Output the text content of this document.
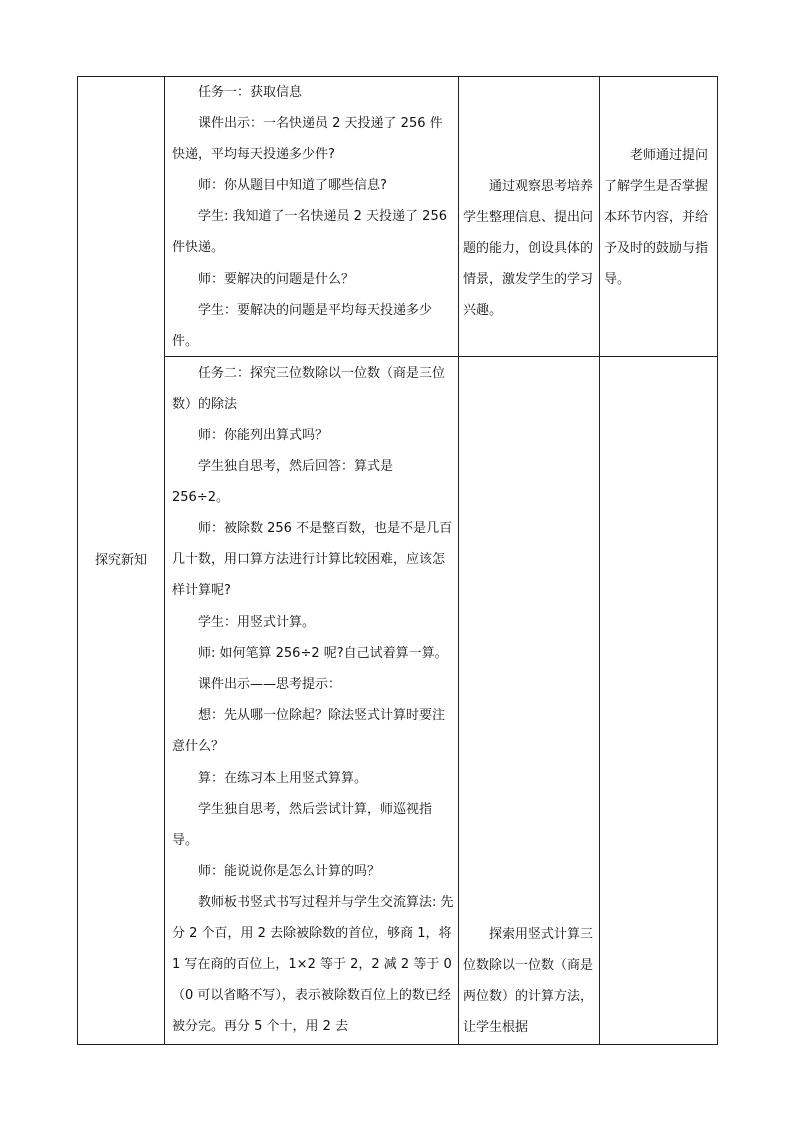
探究新知

任务一：获取信息

课件出示：一名快递员 2 天投递了 256 件快递，平均每天投递多少件?

师：你从题目中知道了哪些信息?

学生: 我知道了一名快递员 2 天投递了 256 件快递。

师：要解决的问题是什么？

学生：要解决的问题是平均每天投递多少件。

通过观察思考培养学生整理信息、提出问题的能力，创设具体的情景，激发学生的学习兴趣。

老师通过提问了解学生是否掌握本环节内容，并给予及时的鼓励与指导。

任务二：探究三位数除以一位数（商是三位数）的除法

师：你能列出算式吗？

学生独自思考，然后回答：算式是 256÷2。

师：被除数 256 不是整百数，也是不是几百几十数，用口算方法进行计算比较困难，应该怎样计算呢?

学生：用竖式计算。

师: 如何笔算 256÷2 呢?自己试着算一算。

课件出示——思考提示：

想：先从哪一位除起？除法竖式计算时要注意什么？

算：在练习本上用竖式算算。

学生独自思考，然后尝试计算，师巡视指导。

师：能说说你是怎么计算的吗？

教师板书竖式书写过程并与学生交流算法: 先分 2 个百，用 2 去除被除数的首位，够商 1，将 1 写在商的百位上，1×2 等于 2，2 减 2 等于 0（0 可以省略不写），表示被除数百位上的数已经被分完。再分 5 个十，用 2 去

探索用竖式计算三位数除以一位数（商是两位数）的计算方法，让学生根据
